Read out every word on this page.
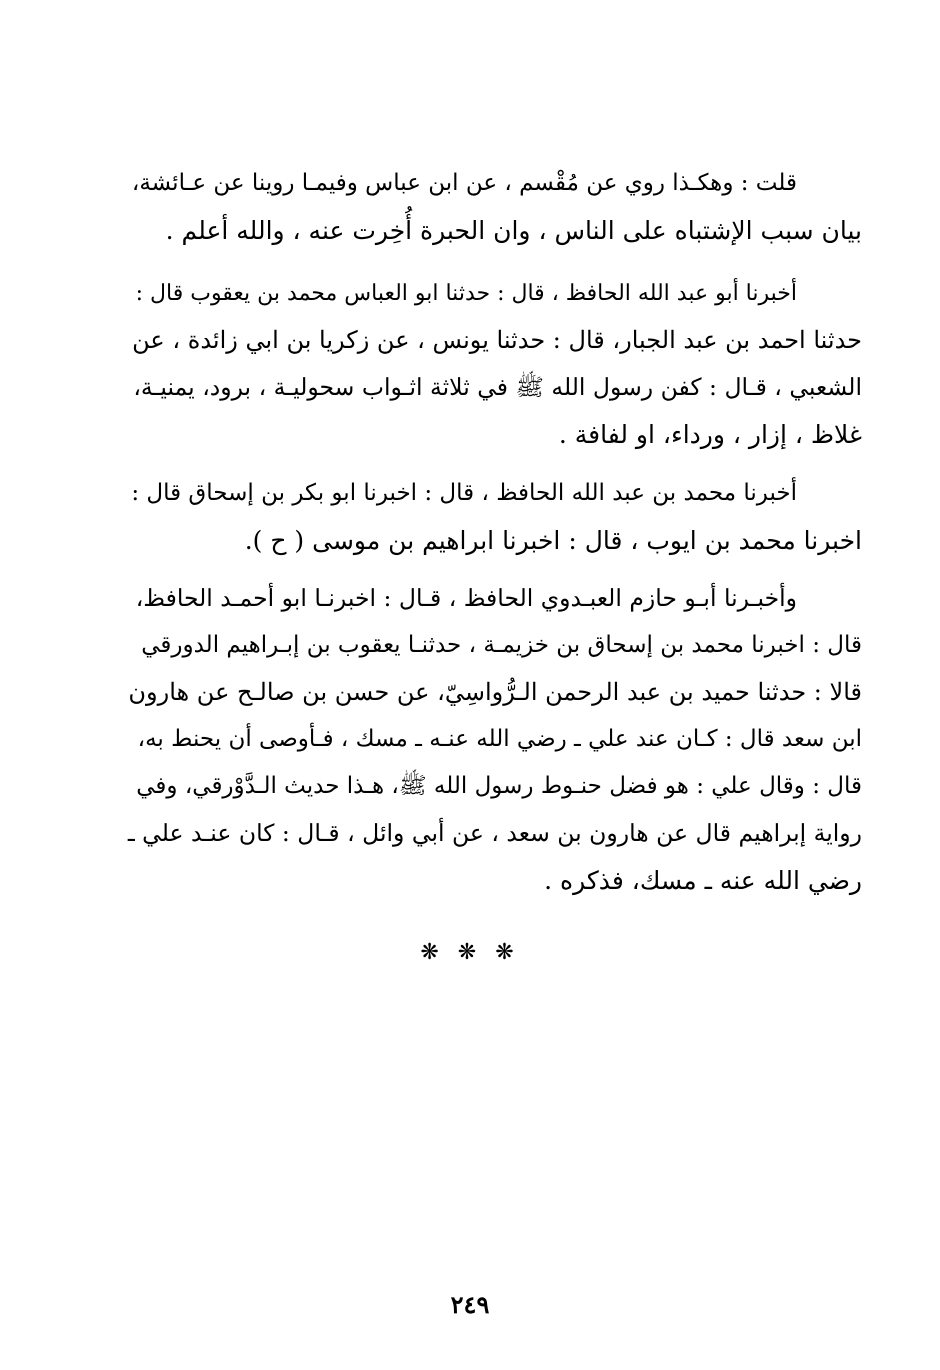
قلت : وهكـذا روي عن مُقْسم ، عن ابن عباس وفيمـا روينا عن عـائشة،
بيان سبب الإشتباه على الناس ، وان الحبرة أُخِرت عنه ، والله أعلم .
أخبرنا أبو عبد الله الحافظ ، قال : حدثنا ابو العباس محمد بن يعقوب قال :
حدثنا احمد بن عبد الجبار، قال : حدثنا يونس ، عن زكريا بن ابي زائدة ، عن
الشعبي ، قـال : كفن رسول الله ﷺ في ثلاثة اثـواب سحوليـة ، برود، يمنيـة،
غلاظ ، إزار ، ورداء، او لفافة .
أخبرنا محمد بن عبد الله الحافظ ، قال : اخبرنا ابو بكر بن إسحاق قال :
اخبرنا محمد بن ايوب ، قال : اخبرنا ابراهيم بن موسى ( ح ).
وأخبـرنا أبـو حازم العبـدوي الحافظ ، قـال : اخبرنـا ابو أحمـد الحافظ،
قال : اخبرنا محمد بن إسحاق بن خزيمـة ، حدثنـا يعقوب بن إبـراهيم الدورقي
قالا : حدثنا حميد بن عبد الرحمن الـرُّواسِيّ، عن حسن بن صالـح عن هارون
ابن سعد قال : كـان عند علي ـ رضي الله عنـه ـ مسك ، فـأوصى أن يحنط به،
قال : وقال علي : هو فضل حنـوط رسول الله ﷺ، هـذا حديث الـدَّوْرقي، وفي
رواية إبراهيم قال عن هارون بن سعد ، عن أبي وائل ، قـال : كان عنـد علي ـ
رضي الله عنه ـ مسك، فذكره .
❋ ❋ ❋
٢٤٩
